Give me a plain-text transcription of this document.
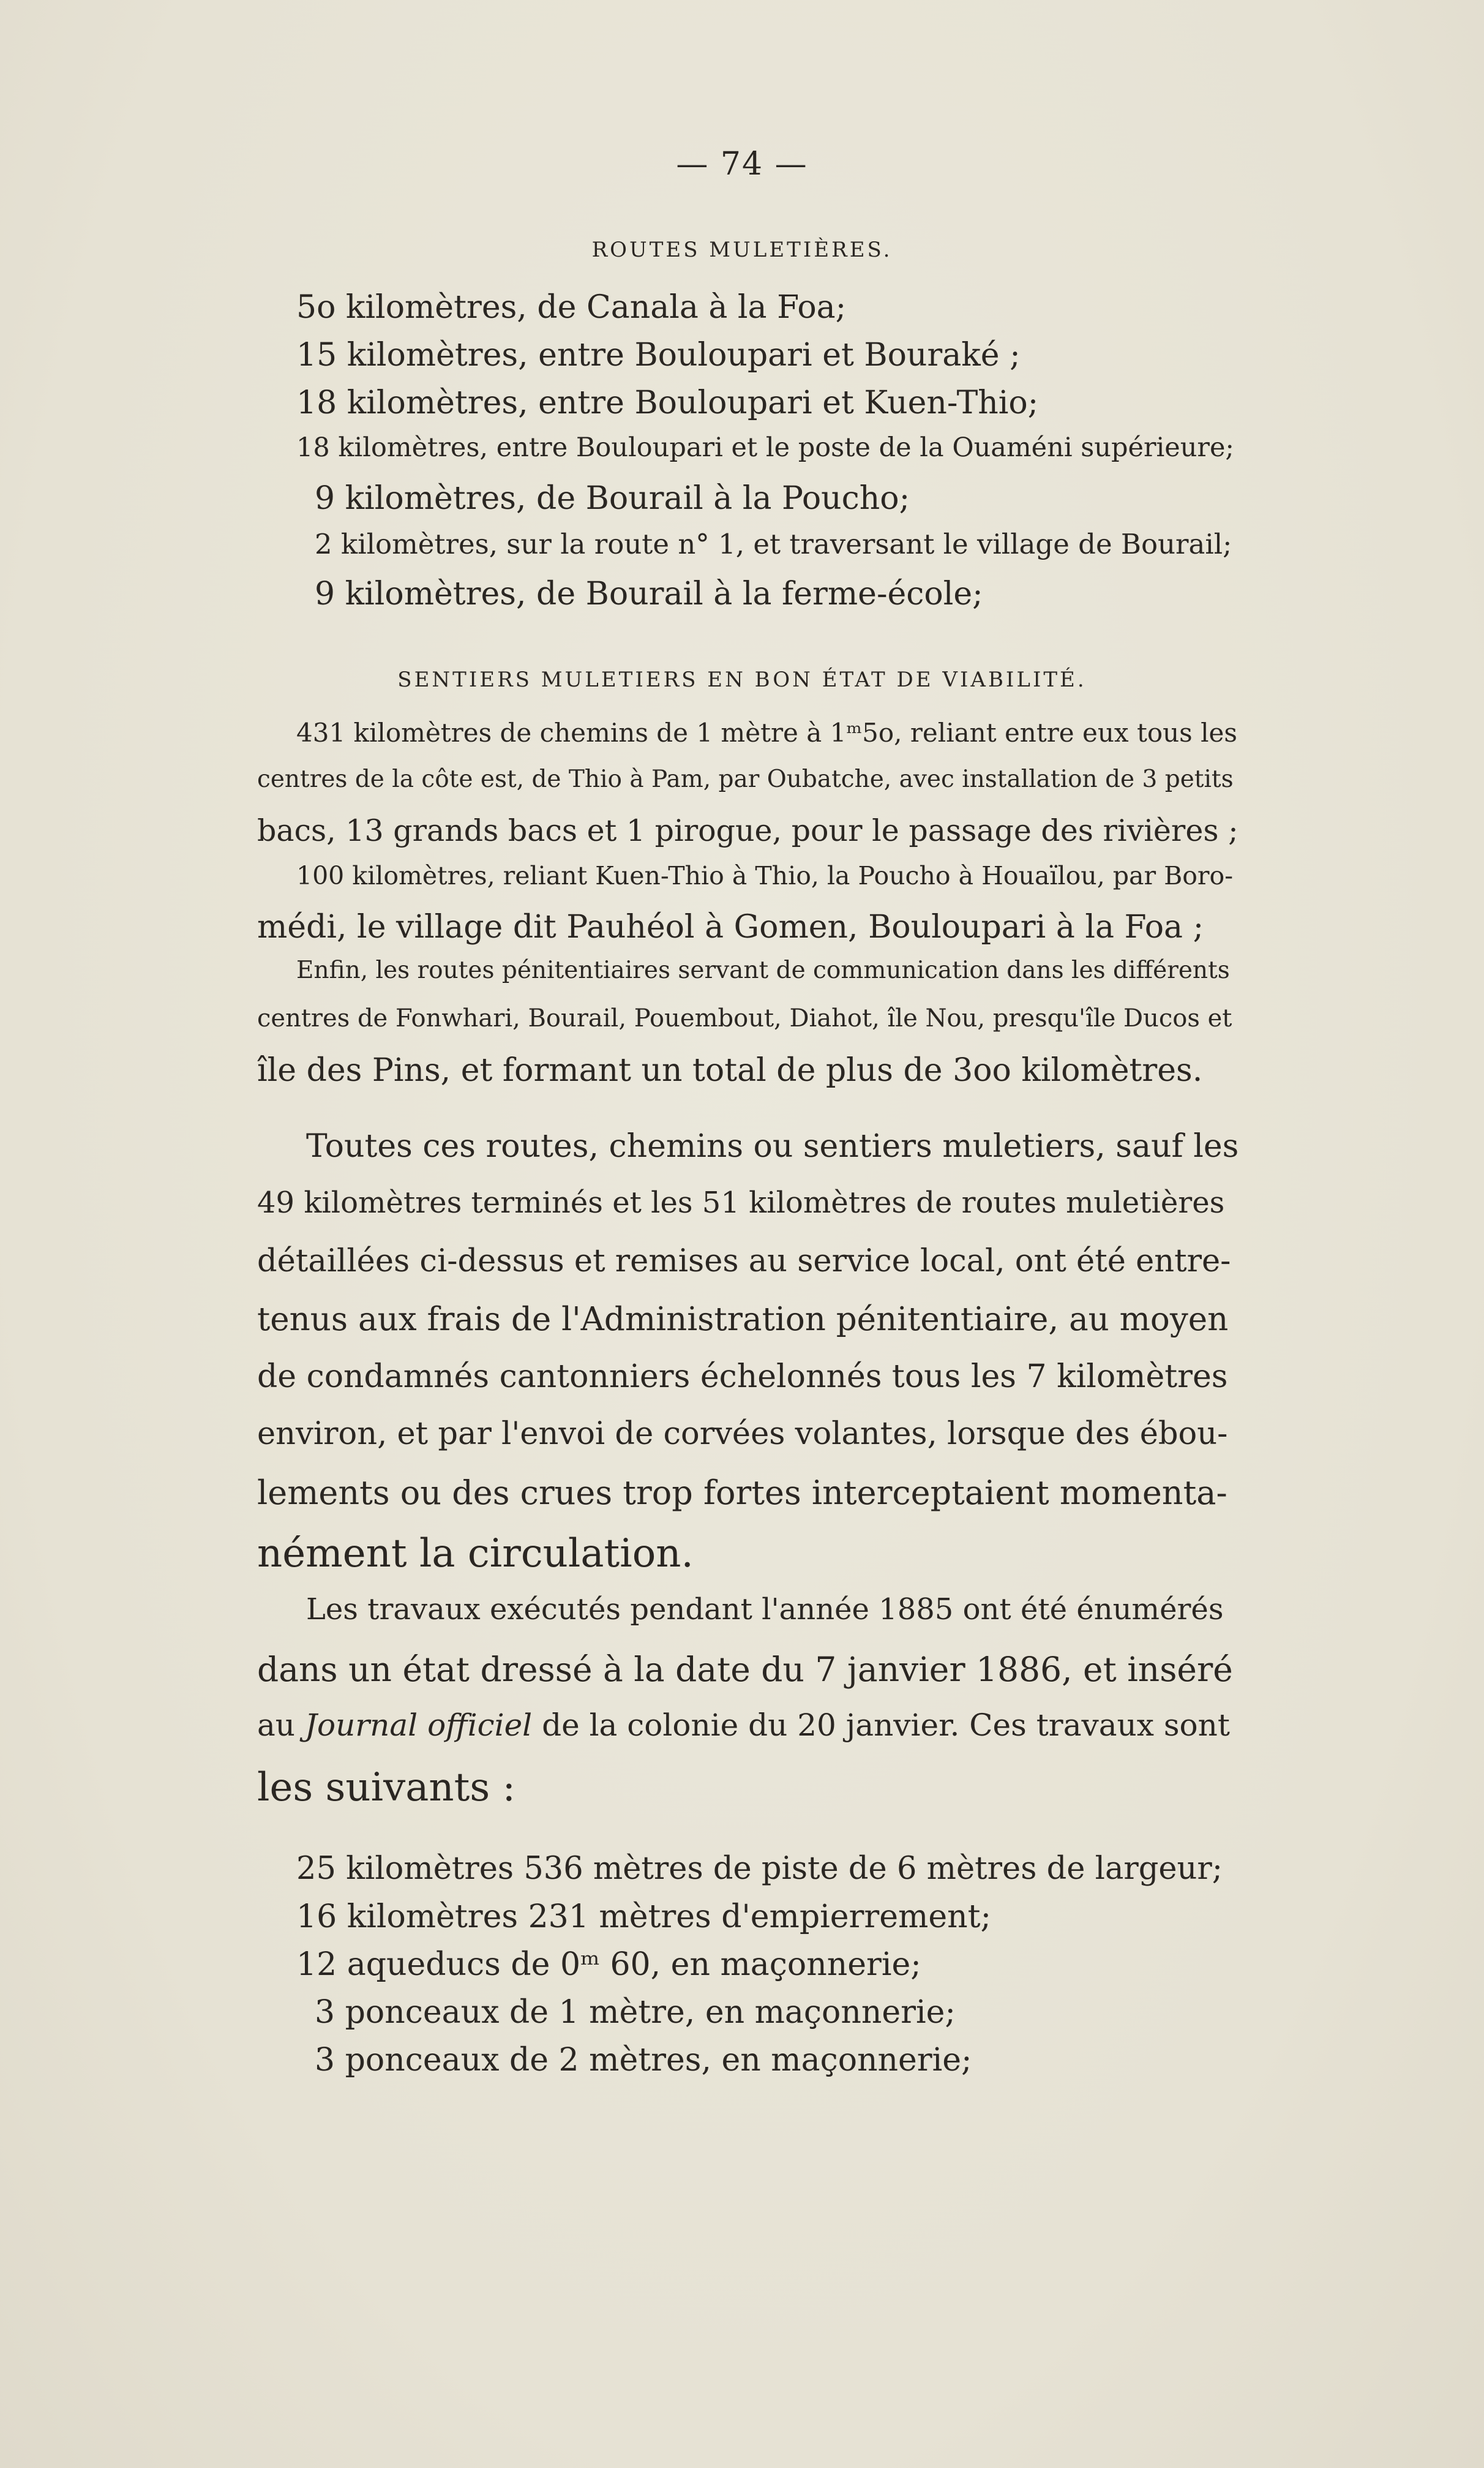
— 74 —
ROUTES MULETIÈRES.
5o kilomètres, de Canala à la Foa;
15 kilomètres, entre Bouloupari et Bouraké ;
18 kilomètres, entre Bouloupari et Kuen-Thio;
18 kilomètres, entre Bouloupari et le poste de la Ouaméni supérieure;
9 kilomètres, de Bourail à la Poucho;
2 kilomètres, sur la route n° 1, et traversant le village de Bourail;
9 kilomètres, de Bourail à la ferme-école;
SENTIERS MULETIERS EN BON ÉTAT DE VIABILITÉ.
431 kilomètres de chemins de 1 mètre à 1ᵐ5o, reliant entre eux tous les
centres de la côte est, de Thio à Pam, par Oubatche, avec installation de 3 petits
bacs, 13 grands bacs et 1 pirogue, pour le passage des rivières ;
100 kilomètres, reliant Kuen-Thio à Thio, la Poucho à Houaïlou, par Boro-
médi, le village dit Pauhéol à Gomen, Bouloupari à la Foa ;
Enfin, les routes pénitentiaires servant de communication dans les différents
centres de Fonwhari, Bourail, Pouembout, Diahot, île Nou, presqu'île Ducos et
île des Pins, et formant un total de plus de 3oo kilomètres.
Toutes ces routes, chemins ou sentiers muletiers, sauf les
49 kilomètres terminés et les 51 kilomètres de routes muletières
détaillées ci-dessus et remises au service local, ont été entre-
tenus aux frais de l'Administration pénitentiaire, au moyen
de condamnés cantonniers échelonnés tous les 7 kilomètres
environ, et par l'envoi de corvées volantes, lorsque des ébou-
lements ou des crues trop fortes interceptaient momenta-
nément la circulation.
Les travaux exécutés pendant l'année 1885 ont été énumérés
dans un état dressé à la date du 7 janvier 1886, et inséré
au Journal officiel de la colonie du 20 janvier. Ces travaux sont
les suivants :
25 kilomètres 536 mètres de piste de 6 mètres de largeur;
16 kilomètres 231 mètres d'empierrement;
12 aqueducs de 0ᵐ 60, en maçonnerie;
3 ponceaux de 1 mètre, en maçonnerie;
3 ponceaux de 2 mètres, en maçonnerie;
